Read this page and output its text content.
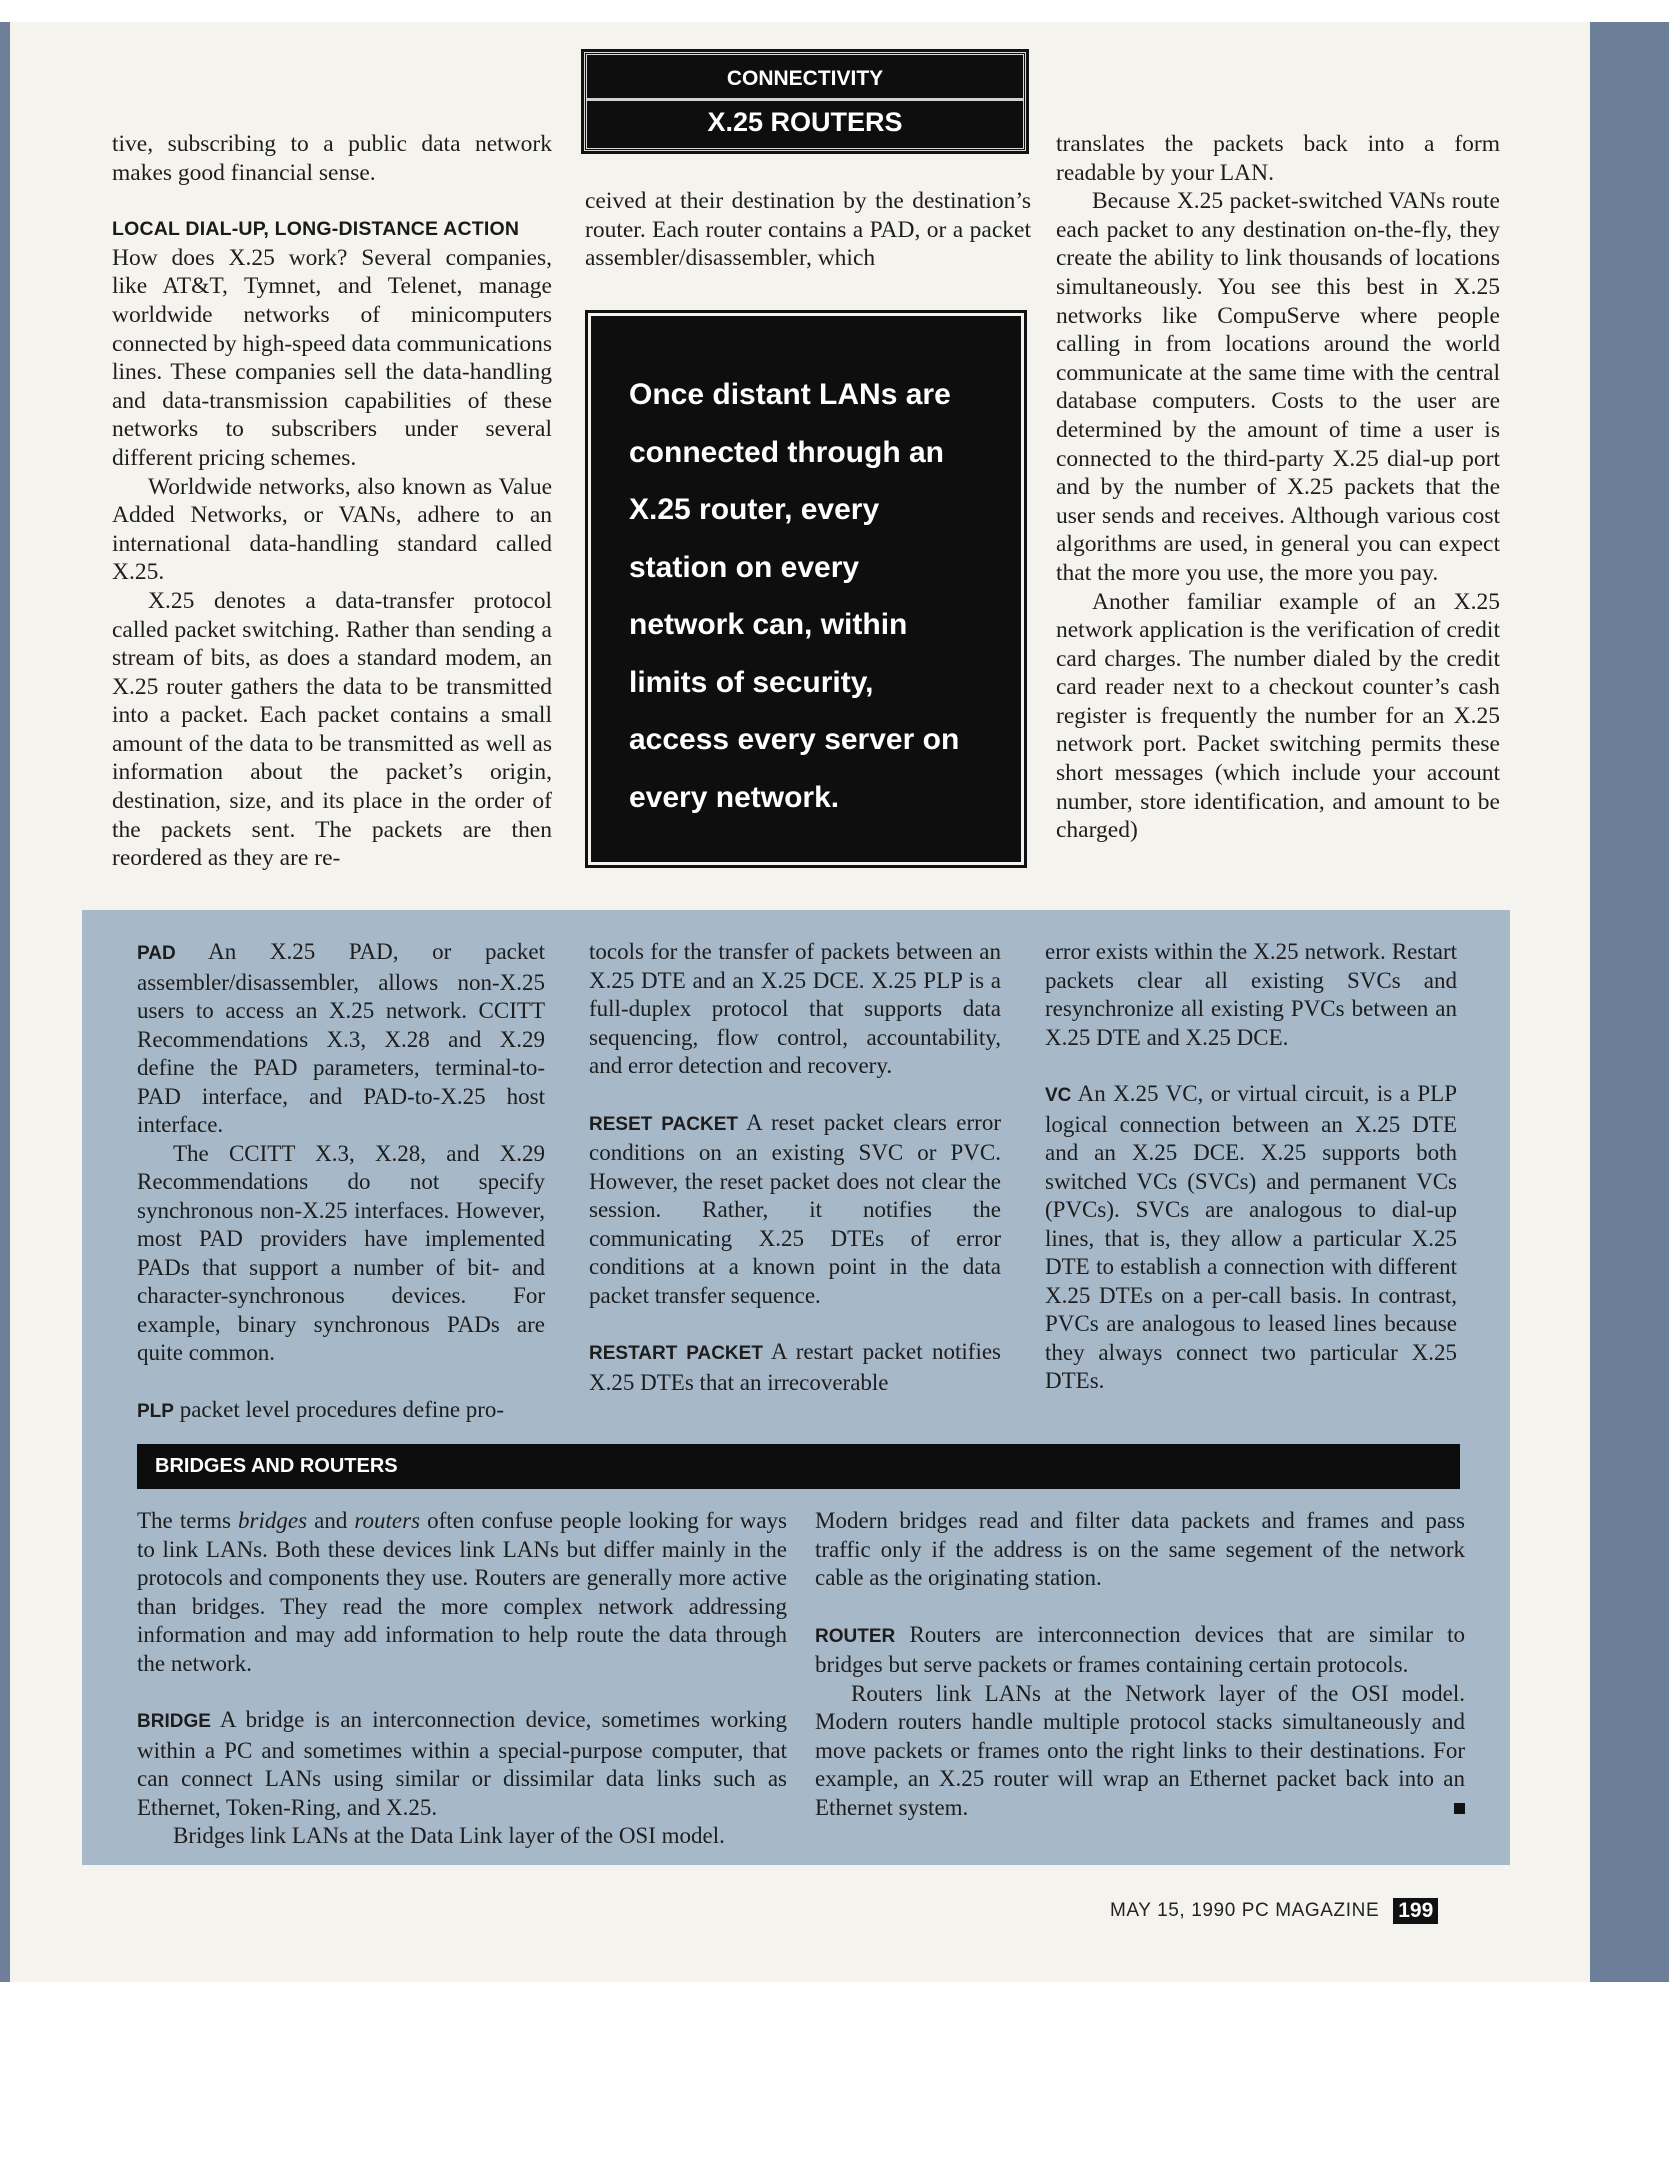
CONNECTIVITY
X.25 ROUTERS

tive, subscribing to a public data network makes good financial sense.

LOCAL DIAL-UP, LONG-DISTANCE ACTION

How does X.25 work? Several companies, like AT&T, Tymnet, and Telenet, manage worldwide networks of minicomputers connected by high-speed data communications lines. These companies sell the data-handling and data-transmission capabilities of these networks to subscribers under several different pricing schemes.

Worldwide networks, also known as Value Added Networks, or VANs, adhere to an international data-handling standard called X.25.

X.25 denotes a data-transfer protocol called packet switching. Rather than sending a stream of bits, as does a standard modem, an X.25 router gathers the data to be transmitted into a packet. Each packet contains a small amount of the data to be transmitted as well as information about the packet’s origin, destination, size, and its place in the order of the packets sent. The packets are then reordered as they are re-

ceived at their destination by the destination’s router. Each router contains a PAD, or a packet assembler/disassembler, which

Once distant LANs are
connected through an
X.25 router, every
station on every
network can, within
limits of security,
access every server on
every network.

translates the packets back into a form readable by your LAN.

Because X.25 packet-switched VANs route each packet to any destination on-the-fly, they create the ability to link thousands of locations simultaneously. You see this best in X.25 networks like CompuServe where people calling in from locations around the world communicate at the same time with the central database computers. Costs to the user are determined by the amount of time a user is connected to the third-party X.25 dial-up port and by the number of X.25 packets that the user sends and receives. Although various cost algorithms are used, in general you can expect that the more you use, the more you pay.

Another familiar example of an X.25 network application is the verification of credit card charges. The number dialed by the credit card reader next to a checkout counter’s cash register is frequently the number for an X.25 network port. Packet switching permits these short messages (which include your account number, store identification, and amount to be charged)

PAD An X.25 PAD, or packet assembler/disassembler, allows non-X.25 users to access an X.25 network. CCITT Recommendations X.3, X.28 and X.29 define the PAD parameters, terminal-to-PAD interface, and PAD-to-X.25 host interface.

The CCITT X.3, X.28, and X.29 Recommendations do not specify synchronous non-X.25 interfaces. However, most PAD providers have implemented PADs that support a number of bit- and character-synchronous devices. For example, binary synchronous PADs are quite common.

PLP packet level procedures define pro-

tocols for the transfer of packets between an X.25 DTE and an X.25 DCE. X.25 PLP is a full-duplex protocol that supports data sequencing, flow control, accountability, and error detection and recovery.

RESET PACKET A reset packet clears error conditions on an existing SVC or PVC. However, the reset packet does not clear the session. Rather, it notifies the communicating X.25 DTEs of error conditions at a known point in the data packet transfer sequence.

RESTART PACKET A restart packet notifies X.25 DTEs that an irrecoverable

error exists within the X.25 network. Restart packets clear all existing SVCs and resynchronize all existing PVCs between an X.25 DTE and X.25 DCE.

VC An X.25 VC, or virtual circuit, is a PLP logical connection between an X.25 DTE and an X.25 DCE. X.25 supports both switched VCs (SVCs) and permanent VCs (PVCs). SVCs are analogous to dial-up lines, that is, they allow a particular X.25 DTE to establish a connection with different X.25 DTEs on a per-call basis. In contrast, PVCs are analogous to leased lines because they always connect two particular X.25 DTEs.

BRIDGES AND ROUTERS

The terms bridges and routers often confuse people looking for ways to link LANs. Both these devices link LANs but differ mainly in the protocols and components they use. Routers are generally more active than bridges. They read the more complex network addressing information and may add information to help route the data through the network.

BRIDGE A bridge is an interconnection device, sometimes working within a PC and sometimes within a special-purpose computer, that can connect LANs using similar or dissimilar data links such as Ethernet, Token-Ring, and X.25.

Bridges link LANs at the Data Link layer of the OSI model.

Modern bridges read and filter data packets and frames and pass traffic only if the address is on the same segement of the network cable as the originating station.

ROUTER Routers are interconnection devices that are similar to bridges but serve packets or frames containing certain protocols.

Routers link LANs at the Network layer of the OSI model. Modern routers handle multiple protocol stacks simultaneously and move packets or frames onto the right links to their destinations. For example, an X.25 router will wrap an Ethernet packet back into an Ethernet system.

MAY 15, 1990 PC MAGAZINE 199
